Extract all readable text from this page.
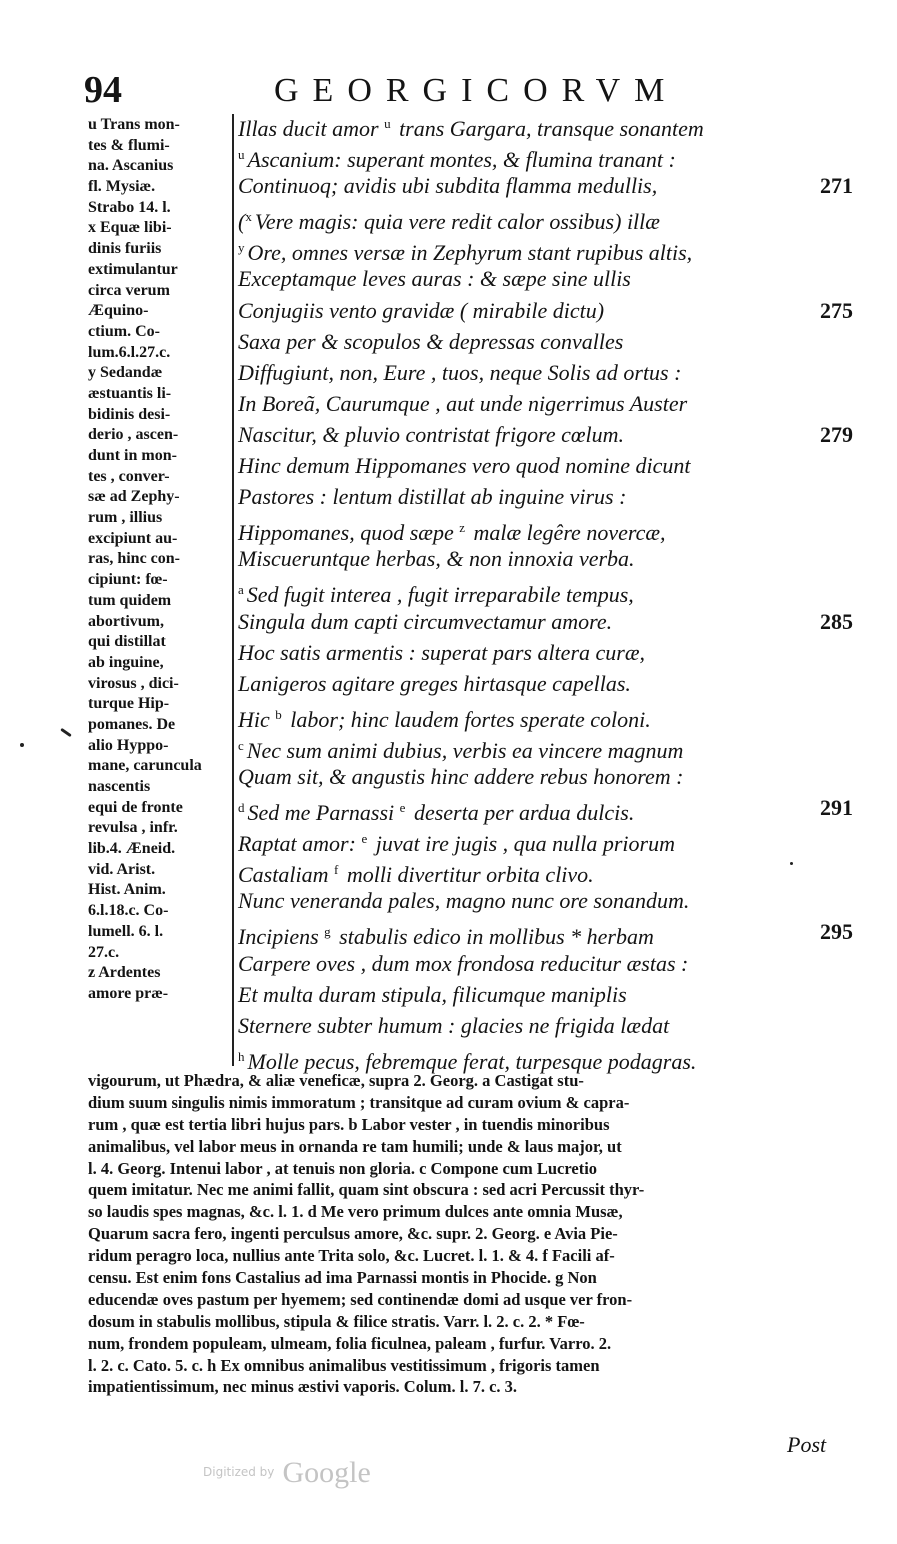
94	GEORGICORVM
u Trans mon-
tes & flumi-
na. Ascanius
fl. Mysiæ.
Strabo 14. l.
x Equæ libi-
dinis furiis
extimulantur
circa verum
Æquino-
ctium. Co-
lum.6.l.27.c.
y Sedandæ
æstuantis li-
bidinis desi-
derio , ascen-
dunt in mon-
tes , conver-
sæ ad Zephy-
rum , illius
excipiunt au-
ras, hinc con-
cipiunt: fœ-
tum quidem
abortivum,
qui distillat
ab inguine,
virosus , dici-
turque Hip-
pomanes. De
alio Hyppo-
mane, caruncula
nascentis
equi de fronte
revulsa , infr.
lib.4. Æneid.
vid. Arist.
Hist. Anim.
6.l.18.c. Co-
lumell. 6. l.
27.c.
z Ardentes
amore præ-
Illas ducit amor $^u$ trans Gargara, transque sonantem
$^u$ Ascanium: superant montes, & flumina tranant :
Continuoq; avidis ubi subdita flamma medullis,	271
($^x$ Vere magis: quia vere redit calor ossibus) illæ
$^y$ Ore, omnes versæ in Zephyrum stant rupibus altis,
Exceptamque leves auras : & sæpe sine ullis
Conjugiis vento gravidæ ( mirabile dictu)	275
Saxa per & scopulos & depressas convalles
Diffugiunt, non, Eure , tuos, neque Solis ad ortus :
In Boreã, Caurumque , aut unde nigerrimus Auster
Nascitur, & pluvio contristat frigore cœlum.	279
Hinc demum Hippomanes vero quod nomine dicunt
Pastores : lentum distillat ab inguine virus :
Hippomanes, quod sæpe $^z$ malæ legêre novercæ,
Miscueruntque herbas, & non innoxia verba.
$^a$ Sed fugit interea , fugit irreparabile tempus,
Singula dum capti circumvectamur amore.	285
Hoc satis armentis : superat pars altera curæ,
Lanigeros agitare greges hirtasque capellas.
Hic $^b$ labor; hinc laudem fortes sperate coloni.
$^c$ Nec sum animi dubius, verbis ea vincere magnum
Quam sit, & angustis hinc addere rebus honorem :
$^d$ Sed me Parnassi $^e$ deserta per ardua dulcis.	291
Raptat amor: $^e$ juvat ire jugis , qua nulla priorum
Castaliam $^f$ molli divertitur orbita clivo.
Nunc veneranda pales, magno nunc ore sonandum.
Incipiens $^g$ stabulis edico in mollibus * herbam	295
Carpere oves , dum mox frondosa reducitur æstas :
Et multa duram stipula, filicumque maniplis
Sternere subter humum : glacies ne frigida lædat
$^h$ Molle pecus, febremque ferat, turpesque podagras.
vigourum, ut Phædra, & aliæ veneficæ, supra 2. Georg. a Castigat stu-
dium suum singulis nimis immoratum ; transitque ad curam ovium & capra-
rum , quæ est tertia libri hujus pars. b Labor vester , in tuendis minoribus
animalibus, vel labor meus in ornanda re tam humili; unde & laus major, ut
l. 4. Georg. Intenui labor , at tenuis non gloria. c Compone cum Lucretio
quem imitatur. Nec me animi fallit, quam sint obscura : sed acri Percussit thyr-
so laudis spes magnas, &c. l. 1. d Me vero primum dulces ante omnia Musæ,
Quarum sacra fero, ingenti perculsus amore, &c. supr. 2. Georg. e Avia Pie-
ridum peragro loca, nullius ante Trita solo, &c. Lucret. l. 1. & 4. f Facili af-
censu. Est enim fons Castalius ad ima Parnassi montis in Phocide. g Non
educendæ oves pastum per hyemem; sed continendæ domi ad usque ver fron-
dosum in stabulis mollibus, stipula & filice stratis. Varr. l. 2. c. 2. * Fœ-
num, frondem populeam, ulmeam, folia ficulnea, paleam , furfur. Varro. 2.
l. 2. c. Cato. 5. c. h Ex omnibus animalibus vestitissimum , frigoris tamen
impatientissimum, nec minus æstivi vaporis. Colum. l. 7. c. 3.
Post
$^{Digitized by}$ Google
